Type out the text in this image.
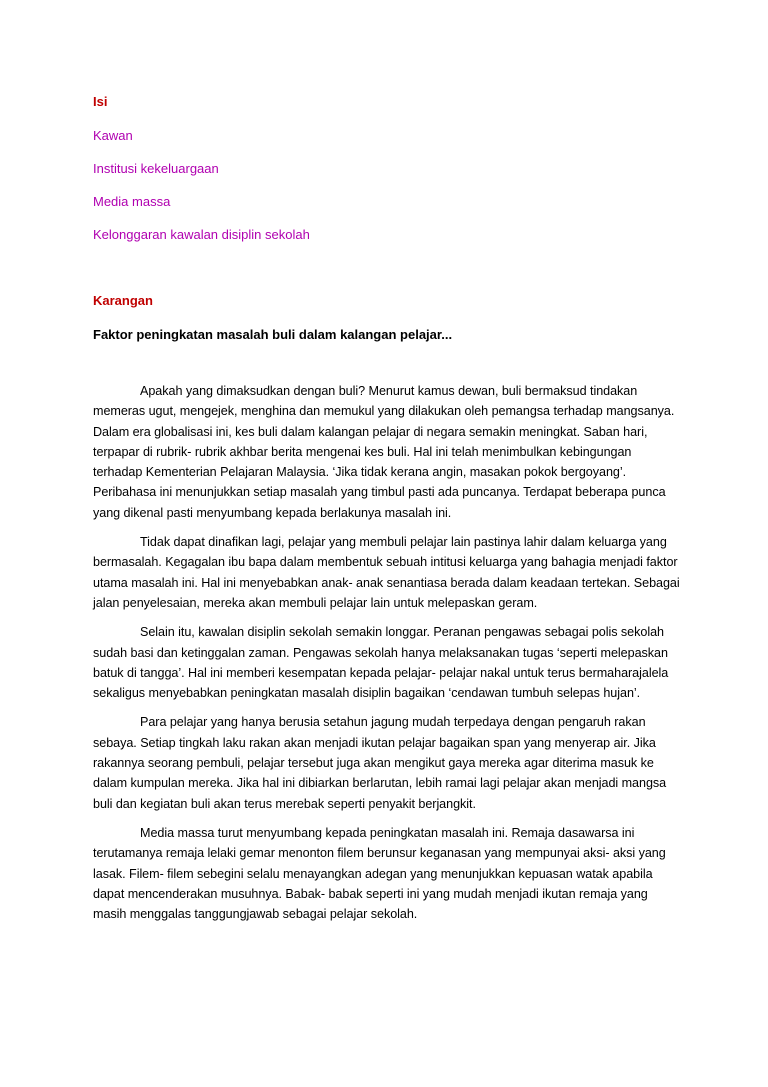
Isi

Kawan

Institusi kekeluargaan

Media massa

Kelonggaran kawalan disiplin sekolah

Karangan

Faktor peningkatan masalah buli dalam kalangan pelajar...

Apakah yang dimaksudkan dengan buli? Menurut kamus dewan, buli bermaksud tindakan memeras ugut, mengejek, menghina dan memukul yang dilakukan oleh pemangsa terhadap mangsanya. Dalam era globalisasi ini, kes buli dalam kalangan pelajar di negara semakin meningkat. Saban hari, terpapar di rubrik- rubrik akhbar berita mengenai kes buli. Hal ini telah menimbulkan kebingungan terhadap Kementerian Pelajaran Malaysia. ‘Jika tidak kerana angin, masakan pokok bergoyang’. Peribahasa ini menunjukkan setiap masalah yang timbul pasti ada puncanya. Terdapat beberapa punca yang dikenal pasti menyumbang kepada berlakunya masalah ini.

Tidak dapat dinafikan lagi, pelajar yang membuli pelajar lain pastinya lahir dalam keluarga yang bermasalah. Kegagalan ibu bapa dalam membentuk sebuah intitusi keluarga yang bahagia menjadi faktor utama masalah ini. Hal ini menyebabkan anak- anak senantiasa berada dalam keadaan tertekan. Sebagai jalan penyelesaian, mereka akan membuli pelajar lain untuk melepaskan geram.

Selain itu, kawalan disiplin sekolah semakin longgar. Peranan pengawas sebagai polis sekolah sudah basi dan ketinggalan zaman. Pengawas sekolah hanya melaksanakan tugas ‘seperti melepaskan batuk di tangga’. Hal ini memberi kesempatan kepada pelajar- pelajar nakal untuk terus bermaharajalela sekaligus menyebabkan peningkatan masalah disiplin bagaikan ‘cendawan tumbuh selepas hujan’.

Para pelajar yang hanya berusia setahun jagung mudah terpedaya dengan pengaruh rakan sebaya. Setiap tingkah laku rakan akan menjadi ikutan pelajar bagaikan span yang menyerap air. Jika rakannya seorang pembuli, pelajar tersebut juga akan mengikut gaya mereka agar diterima masuk ke dalam kumpulan mereka. Jika hal ini dibiarkan berlarutan, lebih ramai lagi pelajar akan menjadi mangsa buli dan kegiatan buli akan terus merebak seperti penyakit berjangkit.

Media massa turut menyumbang kepada peningkatan masalah ini. Remaja dasawarsa ini terutamanya remaja lelaki gemar menonton filem berunsur keganasan yang mempunyai aksi- aksi yang lasak. Filem- filem sebegini selalu menayangkan adegan yang menunjukkan kepuasan watak apabila dapat mencenderakan musuhnya. Babak- babak seperti ini yang mudah menjadi ikutan remaja yang masih menggalas tanggungjawab sebagai pelajar sekolah.
